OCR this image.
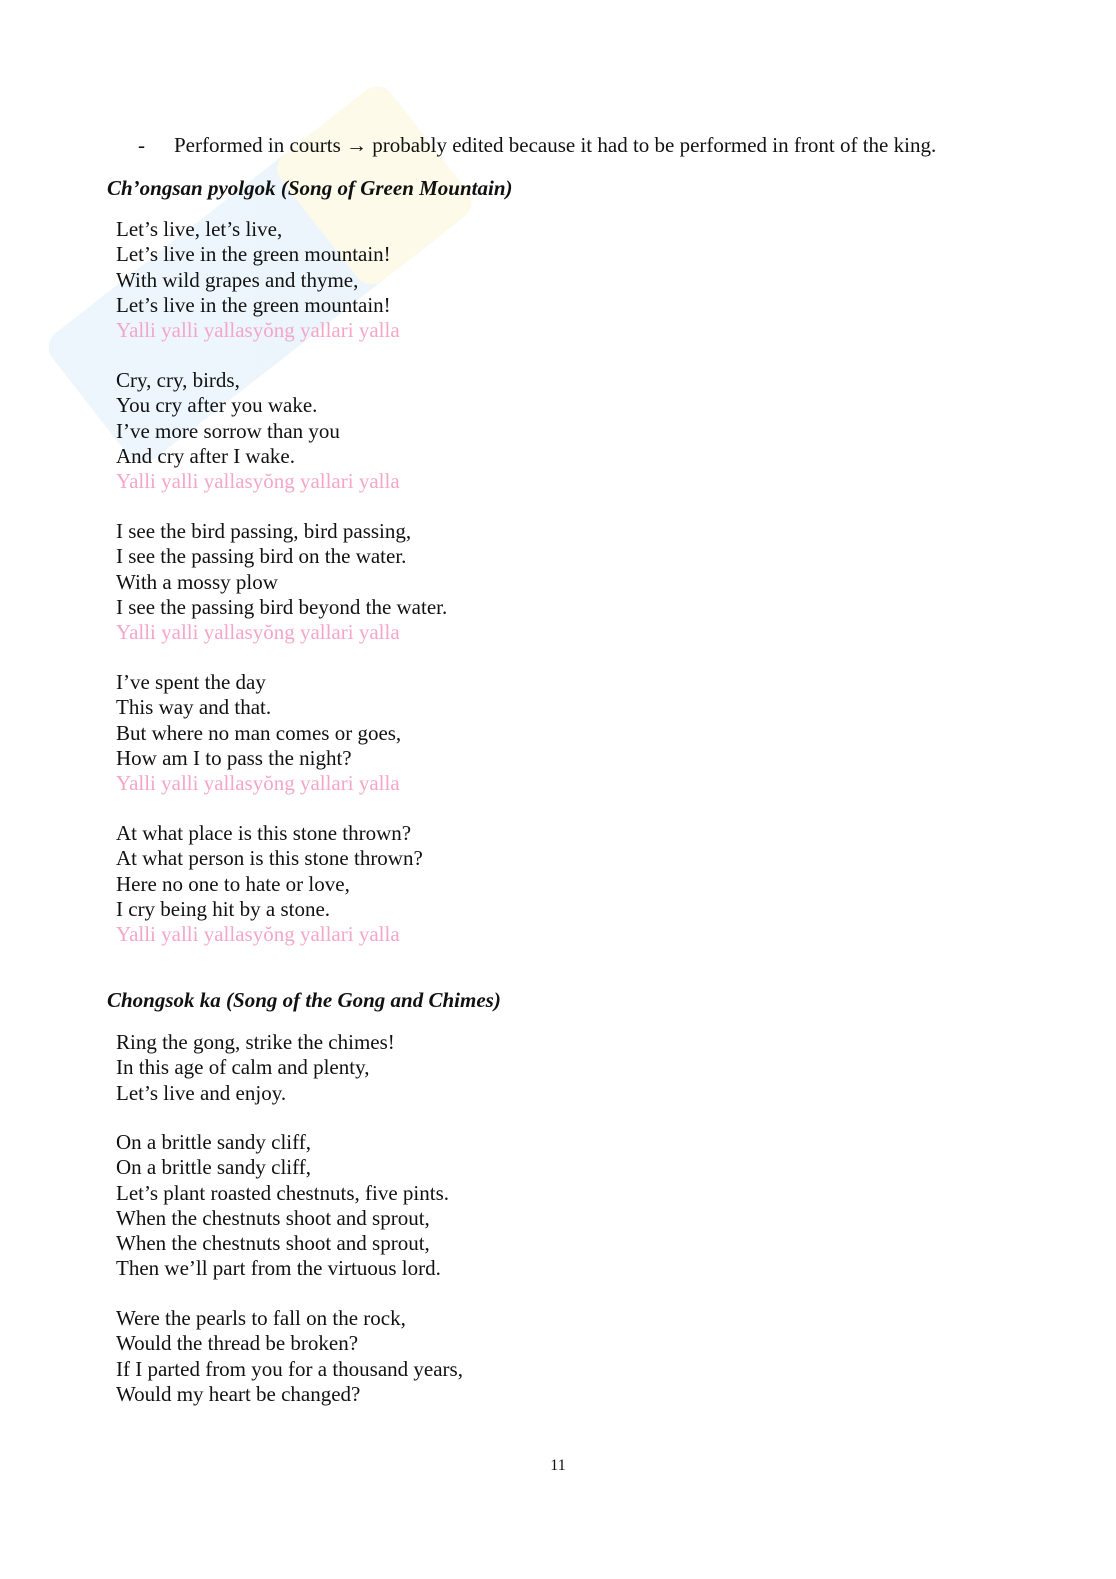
- Performed in courts → probably edited because it had to be performed in front of the king.
Ch’ongsan pyolgok (Song of Green Mountain)
Let’s live, let’s live,
Let’s live in the green mountain!
With wild grapes and thyme,
Let’s live in the green mountain!
Yalli yalli yallasyŏng yallari yalla
Cry, cry, birds,
You cry after you wake.
I’ve more sorrow than you
And cry after I wake.
Yalli yalli yallasyŏng yallari yalla
I see the bird passing, bird passing,
I see the passing bird on the water.
With a mossy plow
I see the passing bird beyond the water.
Yalli yalli yallasyŏng yallari yalla
I’ve spent the day
This way and that.
But where no man comes or goes,
How am I to pass the night?
Yalli yalli yallasyŏng yallari yalla
At what place is this stone thrown?
At what person is this stone thrown?
Here no one to hate or love,
I cry being hit by a stone.
Yalli yalli yallasyŏng yallari yalla
Chongsok ka (Song of the Gong and Chimes)
Ring the gong, strike the chimes!
In this age of calm and plenty,
Let’s live and enjoy.
On a brittle sandy cliff,
On a brittle sandy cliff,
Let’s plant roasted chestnuts, five pints.
When the chestnuts shoot and sprout,
When the chestnuts shoot and sprout,
Then we’ll part from the virtuous lord.
Were the pearls to fall on the rock,
Would the thread be broken?
If I parted from you for a thousand years,
Would my heart be changed?
11
